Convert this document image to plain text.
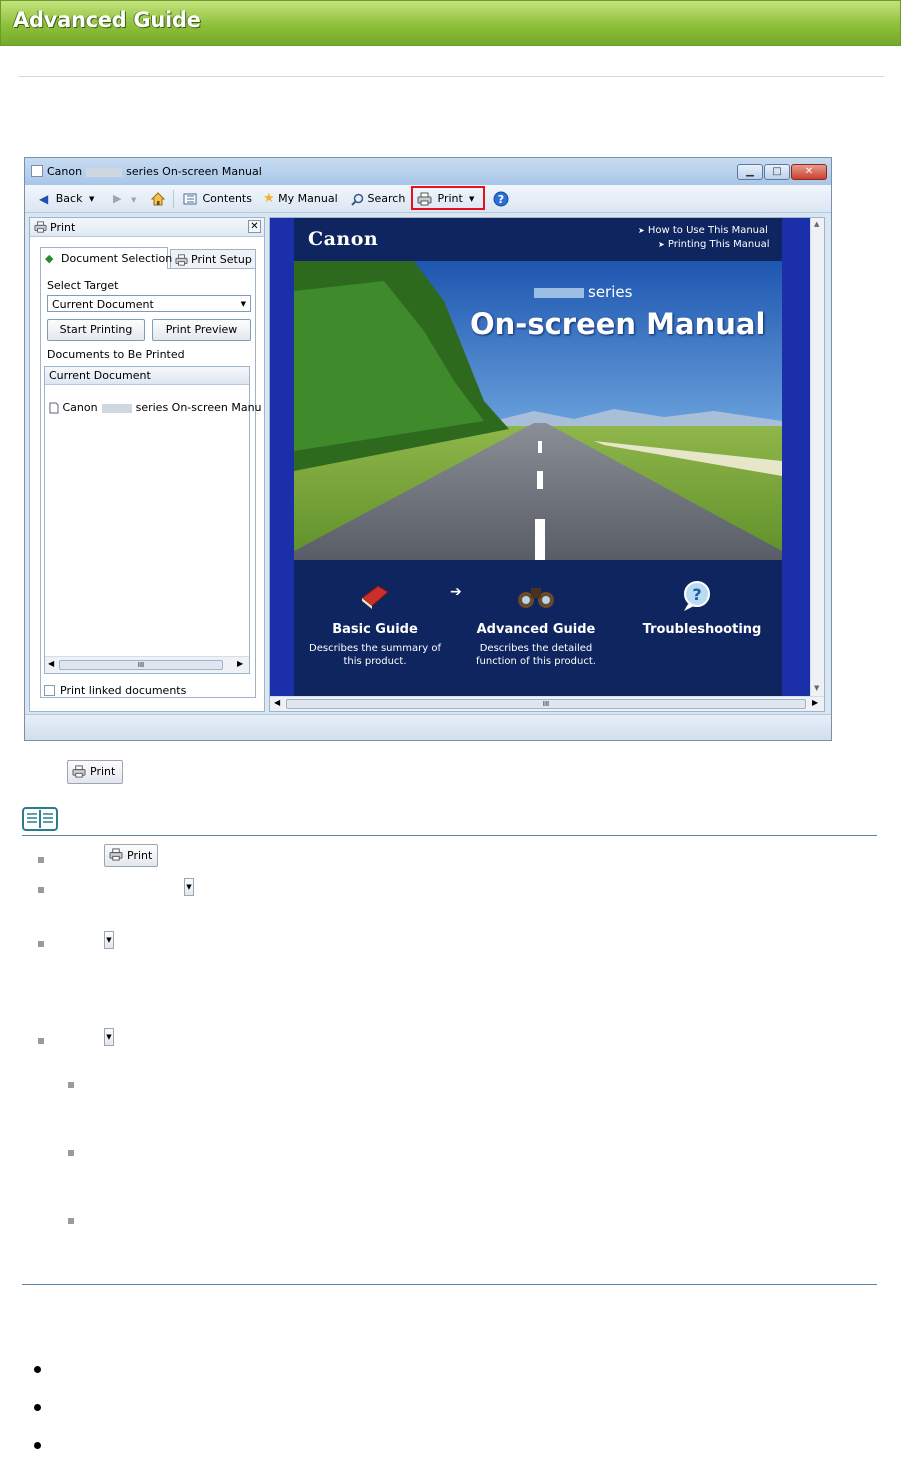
Advanced Guide
Canon	series On-screen Manual	▁	□	✕
◀ Back ▼ ▶ ▼	Contents ★ My Manual	Search	Print ▼ ?
Print	✕
◆ Document Selection	Print Setup
Select Target
Current Document	▼
Start Printing	Print Preview
Documents to Be Printed
Current Document
Canon	series On-screen Manu
◀	III	▶
Print linked documents
Canon	➤ How to Use This Manual
➤ Printing This Manual
series
On-screen Manual
➔	?
Basic Guide
Describes the summary of
this product.
Advanced Guide
Describes the detailed
function of this product.
Troubleshooting
▲
▼
◀	III	▶
Print
Print
▼
▼
▼
